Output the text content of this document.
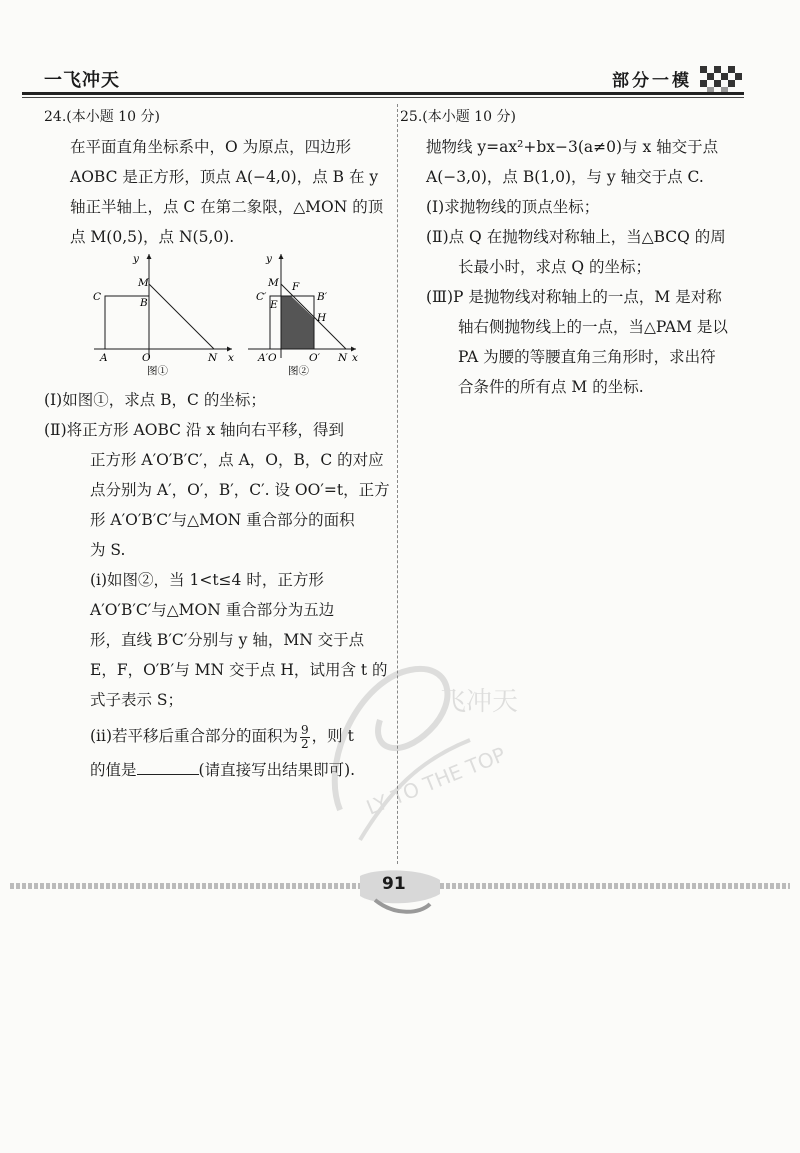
一飞冲天	部分一模

24.(本小题 10 分)

在平面直角坐标系中，O 为原点，四边形

AOBC 是正方形，顶点 A(−4,0)，点 B 在 y

轴正半轴上，点 C 在第二象限，△MON 的顶

点 M(0,5)，点 N(5,0).

y
M
C	B
A	O	N x
图①
y
M F
C′	B′
E
H
A′O	O′ N x
图②

(Ⅰ)如图①，求点 B，C 的坐标；

(Ⅱ)将正方形 AOBC 沿 x 轴向右平移，得到

正方形 A′O′B′C′，点 A，O，B，C 的对应

点分别为 A′，O′，B′，C′. 设 OO′=t，正方

形 A′O′B′C′与△MON 重合部分的面积

为 S.

(ⅰ)如图②，当 1<t≤4 时，正方形

A′O′B′C′与△MON 重合部分为五边

形，直线 B′C′分别与 y 轴，MN 交于点

E，F，O′B′与 MN 交于点 H，试用含 t 的

式子表示 S；

(ⅱ)若平移后重合部分的面积为 $\frac{9}{2}$ ，则 t

的值是	(请直接写出结果即可).

25.(本小题 10 分)

抛物线 y=ax²+bx−3(a≠0)与 x 轴交于点

A(−3,0)，点 B(1,0)，与 y 轴交于点 C.

(Ⅰ)求抛物线的顶点坐标；

(Ⅱ)点 Q 在抛物线对称轴上，当△BCQ 的周

长最小时，求点 Q 的坐标；

(Ⅲ)P 是抛物线对称轴上的一点，M 是对称

轴右侧抛物线上的一点，当△PAM 是以

PA 为腰的等腰直角三角形时，求出符

合条件的所有点 M 的坐标.

飞冲天
LY TO THE TOP
91
